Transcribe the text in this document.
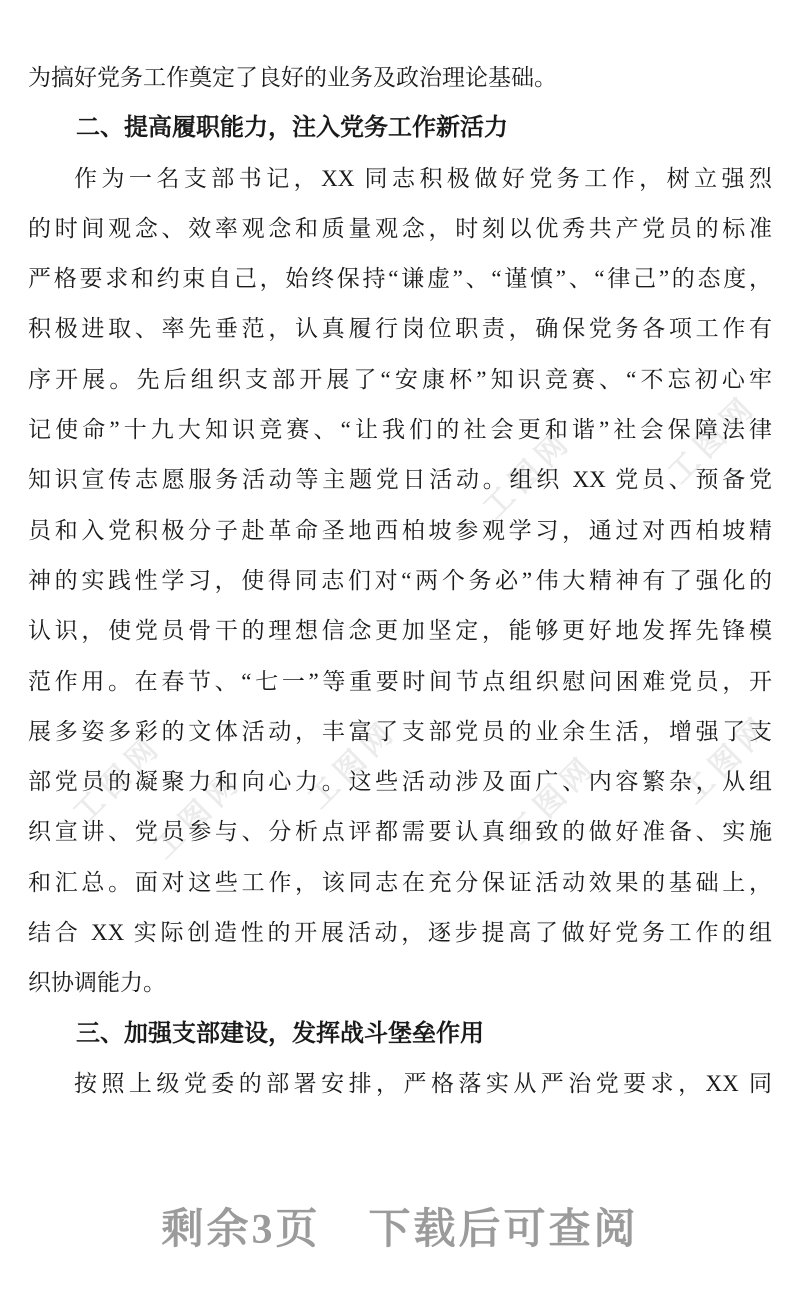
工图网	工图网
工图网
工图网 工图网	工图网 工图网
为搞好党务工作奠定了良好的业务及政治理论基础。
二、提高履职能力，注入党务工作新活力
作为一名支部书记，XX 同志积极做好党务工作，树立强烈
的时间观念、效率观念和质量观念，时刻以优秀共产党员的标准
严格要求和约束自己，始终保持“谦虚”、“谨慎”、“律己”的态度，
积极进取、率先垂范，认真履行岗位职责，确保党务各项工作有
序开展。先后组织支部开展了“安康杯”知识竞赛、“不忘初心牢
记使命”十九大知识竞赛、“让我们的社会更和谐”社会保障法律
知识宣传志愿服务活动等主题党日活动。组织 XX 党员、预备党
员和入党积极分子赴革命圣地西柏坡参观学习，通过对西柏坡精
神的实践性学习，使得同志们对“两个务必”伟大精神有了强化的
认识，使党员骨干的理想信念更加坚定，能够更好地发挥先锋模
范作用。在春节、“七一”等重要时间节点组织慰问困难党员，开
展多姿多彩的文体活动，丰富了支部党员的业余生活，增强了支
部党员的凝聚力和向心力。这些活动涉及面广、内容繁杂，从组
织宣讲、党员参与、分析点评都需要认真细致的做好准备、实施
和汇总。面对这些工作，该同志在充分保证活动效果的基础上，
结合 XX 实际创造性的开展活动，逐步提高了做好党务工作的组
织协调能力。
三、加强支部建设，发挥战斗堡垒作用
按照上级党委的部署安排，严格落实从严治党要求，XX 同
剩余3页 下载后可查阅
